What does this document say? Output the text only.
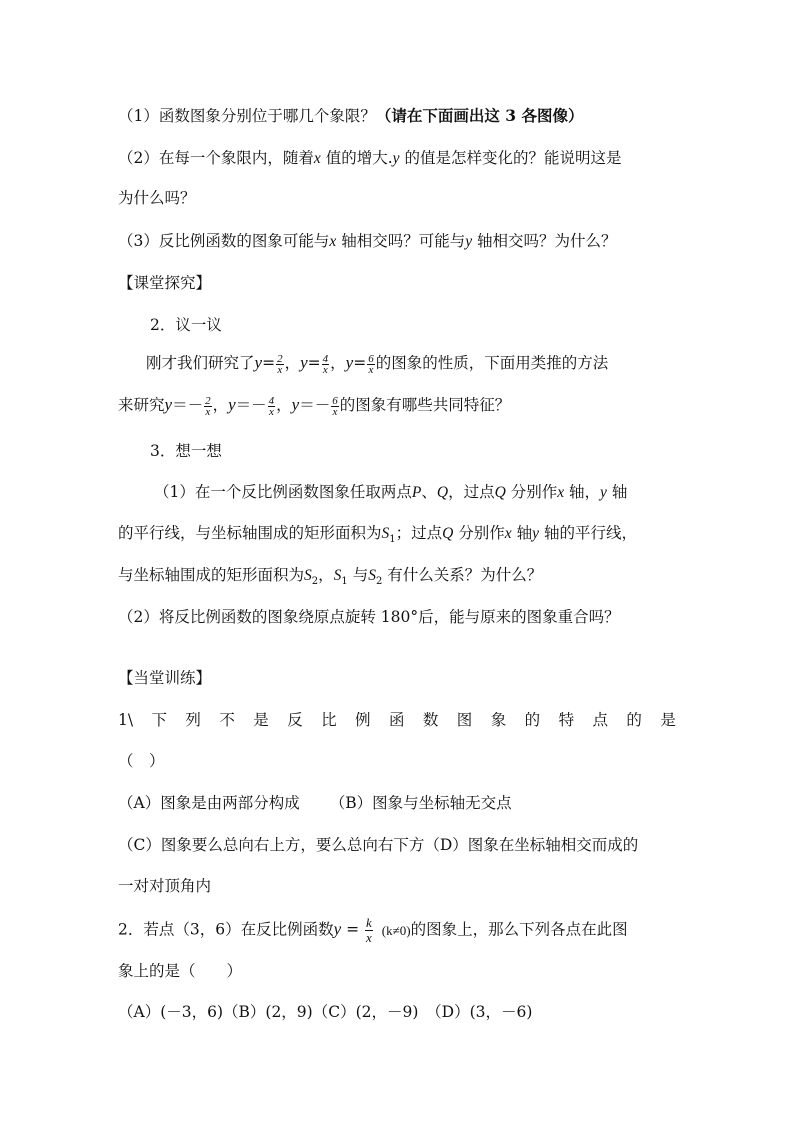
（1）函数图象分别位于哪几个象限？（请在下面画出这 3 各图像）
（2）在每一个象限内，随着x 值的增大.y 的值是怎样变化的？能说明这是
为什么吗？
（3）反比例函数的图象可能与x 轴相交吗？可能与y 轴相交吗？为什么？
【课堂探究】
2．议一议
刚才我们研究了$y= \frac{2}{x}$ ，$y= \frac{4}{x}$ ，$y= \frac{6}{x}$ 的图象的性质，下面用类推的方法
来研究$y=- \frac{2}{x}$ ，$y=- \frac{4}{x}$ ，$y=- \frac{6}{x}$ 的图象有哪些共同特征？
3．想一想
（1）在一个反比例函数图象任取两点P、Q，过点Q 分别作x 轴，y 轴
的平行线，与坐标轴围成的矩形面积为$S_1$；过点Q 分别作x 轴y 轴的平行线，
与坐标轴围成的矩形面积为$S_2$，$S_1$ 与$S_2$ 有什么关系？为什么？
（2）将反比例函数的图象绕原点旋转 180°后，能与原来的图象重合吗？
【当堂训练】
1\ 下 列 不 是 反 比 例 函 数 图 象 的 特 点 的 是
（　）
（A）图象是由两部分构成 （B）图象与坐标轴无交点
（C）图象要么总向右上方，要么总向右下方（D）图象在坐标轴相交而成的
一对对顶角内
2．若点（3，6）在反比例函数$y = \frac{k}{x} (k\ne 0)$的图象上，那么下列各点在此图
象上的是（　　）
（A）(－3，6)（B）(2，9)（C）(2，－9)　（D）(3，－6)
